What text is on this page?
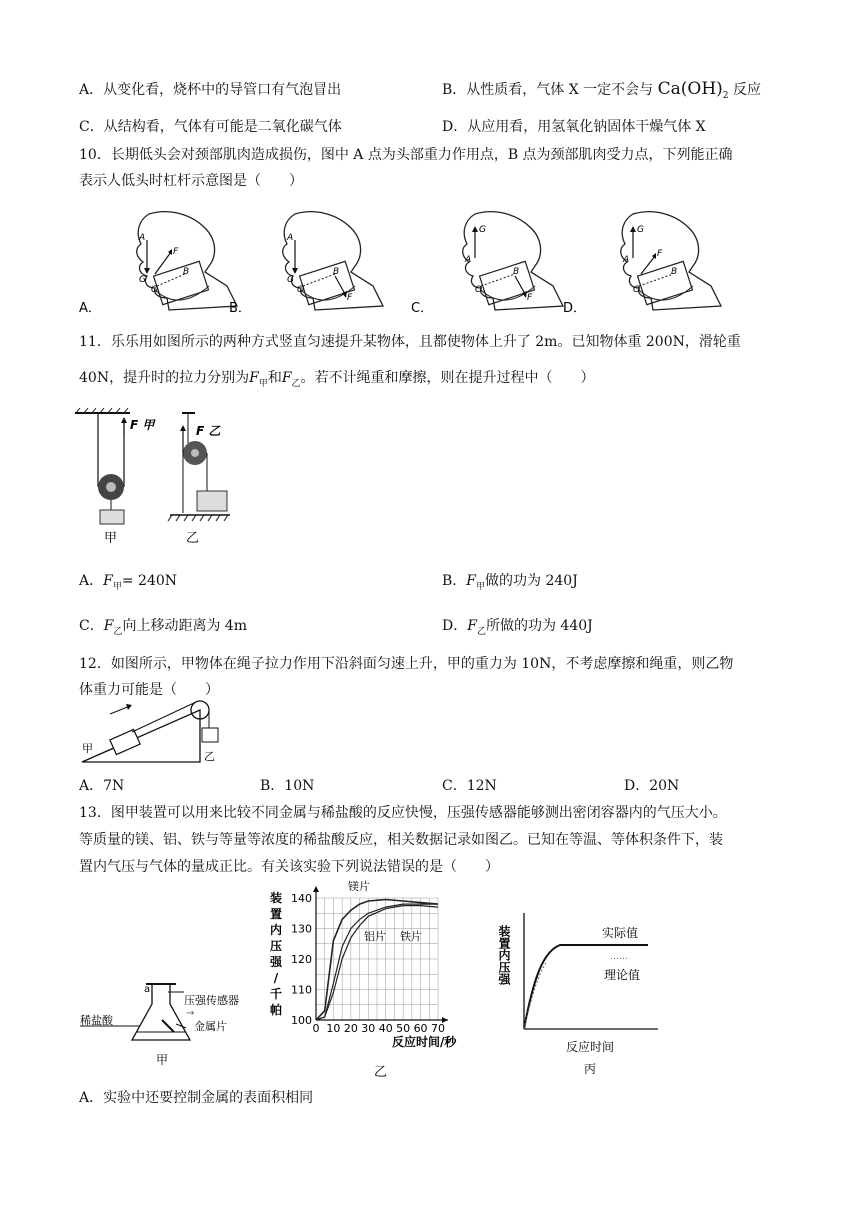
A．从变化看，烧杯中的导管口有气泡冒出	B．从性质看，气体 X 一定不会与 $Ca(OH)_2$ 反应
C．从结构看，气体有可能是二氧化碳气体	D．从应用看，用氢氧化钠固体干燥气体 X
10．长期低头会对颈部肌肉造成损伤，图中 A 点为头部重力作用点，B 点为颈部肌肉受力点，下列能正确
表示人低头时杠杆示意图是（　　）
A
F
G
O
B
A．
A
G
O
B
F
B．
G
A
O
B
F
C．
G
A
F
O
B
D．
11．乐乐用如图所示的两种方式竖直匀速提升某物体，且都使物体上升了 2m。已知物体重 200N，滑轮重
40N，提升时的拉力分别为$F_甲$和$F_乙$。若不计绳重和摩擦，则在提升过程中（　　）
F 甲
甲
F 乙
乙
A．$F_甲= 240N$	B．$F_甲$做的功为 240J
C．$F_乙$向上移动距离为 4m	D．$F_乙$所做的功为 440J
12．如图所示，甲物体在绳子拉力作用下沿斜面匀速上升，甲的重力为 10N，不考虑摩擦和绳重，则乙物
体重力可能是（　　）
甲
乙
A．7N	B．10N	C．12N	D．20N
13．图甲装置可以用来比较不同金属与稀盐酸的反应快慢，压强传感器能够测出密闭容器内的气压大小。
等质量的镁、铝、铁与等量等浓度的稀盐酸反应，相关数据记录如图乙。已知在等温、等体积条件下，装
置内气压与气体的量成正比。有关该实验下列说法错误的是（　　）
a
压强传感器
→
稀盐酸	金属片
甲
0 10 20 30 40 50 60 70
100
110
120
130
140
镁片
铝片 铁片
装
置
内
压
强
/
千
帕
反应时间/秒
乙
实际值
……
理论值
装置内压强
反应时间
丙
A．实验中还要控制金属的表面积相同
